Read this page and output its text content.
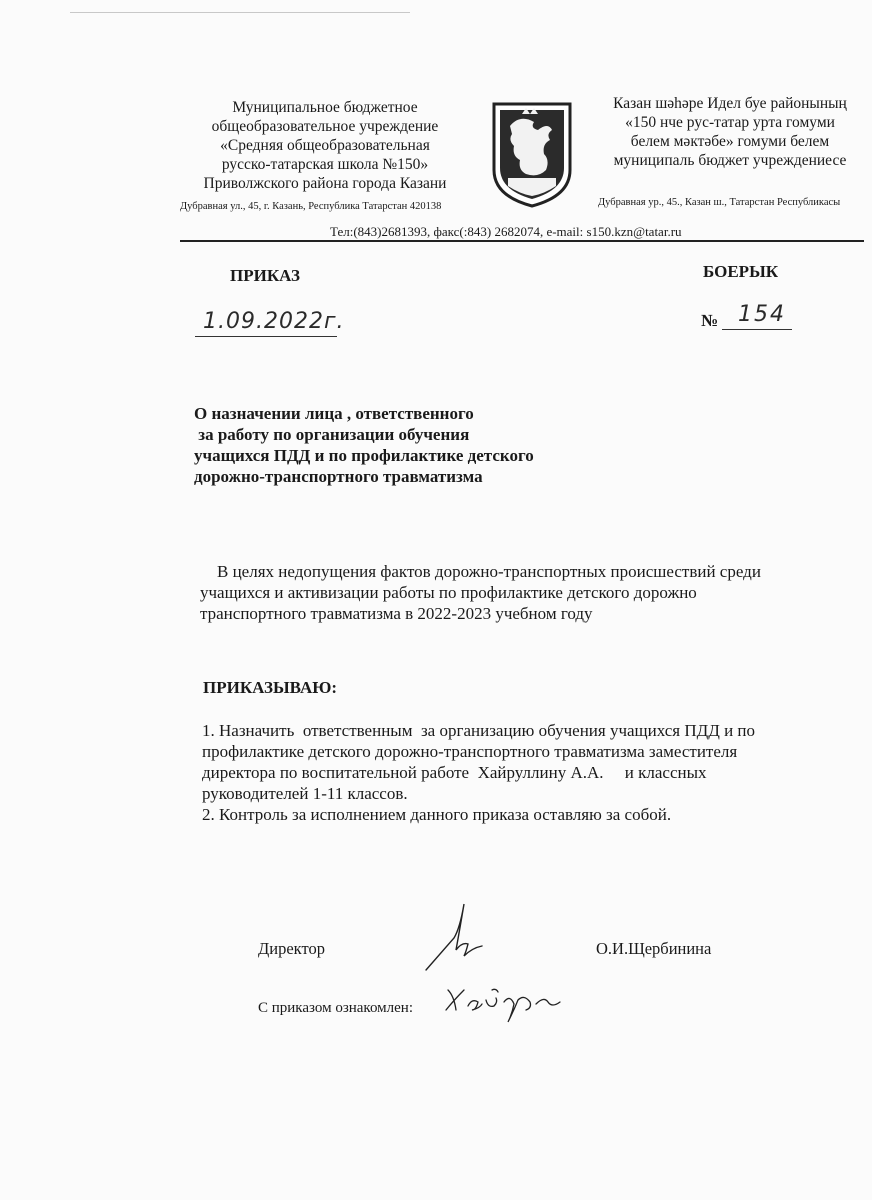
Муниципальное бюджетное
общеобразовательное учреждение
«Средняя общеобразовательная
русско-татарская школа №150»
Приволжского района города Казани
Дубравная ул., 45, г. Казань, Республика Татарстан 420138
Казан шәһәре Идел буе районының
«150 нче рус-татар урта гомуми
белем мәктәбе» гомуми белем
муниципаль бюджет учреждениесе
Дубравная ур., 45., Казан ш., Татарстан Республикасы
Тел:(843)2681393, факс(:843) 2682074, e-mail: s150.kzn@tatar.ru
ПРИКАЗ	БОЕРЫК
1.09.2022г.	№ 154
О назначении лица , ответственного
за работу по организации обучения
учащихся ПДД и по профилактике детского
дорожно-транспортного травматизма
В целях недопущения фактов дорожно-транспортных происшествий среди
учащихся и активизации работы по профилактике детского дорожно
транспортного травматизма в 2022-2023 учебном году
ПРИКАЗЫВАЮ:
1. Назначить  ответственным  за организацию обучения учащихся ПДД и по
профилактике детского дорожно-транспортного травматизма заместителя
директора по воспитательной работе  Хайруллину А.А.     и классных
руководителей 1-11 классов.
2. Контроль за исполнением данного приказа оставляю за собой.
Директор	О.И.Щербинина
С приказом ознакомлен:
